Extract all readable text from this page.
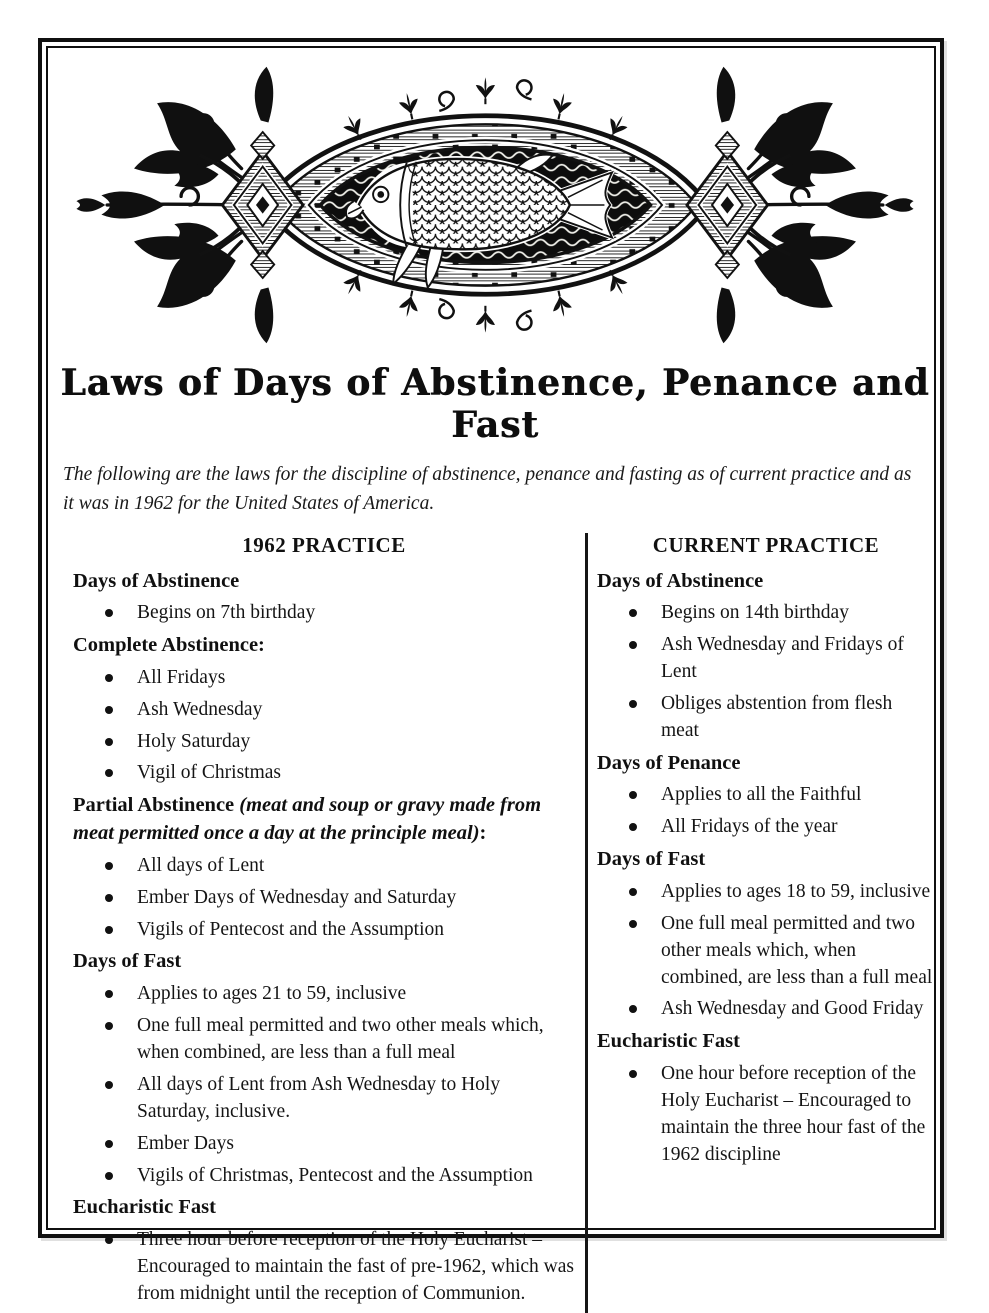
Laws of Days of Abstinence, Penance and Fast
The following are the laws for the discipline of abstinence, penance and fasting as of current practice and as it was in 1962 for the United States of America.
1962 PRACTICE
Days of Abstinence
Begins on 7th birthday
Complete Abstinence:
All Fridays
Ash Wednesday
Holy Saturday
Vigil of Christmas
Partial Abstinence (meat and soup or gravy made from meat permitted once a day at the principle meal):
All days of Lent
Ember Days of Wednesday and Saturday
Vigils of Pentecost and the Assumption
Days of Fast
Applies to ages 21 to 59, inclusive
One full meal permitted and two other meals which, when combined, are less than a full meal
All days of Lent from Ash Wednesday to Holy Saturday, inclusive.
Ember Days
Vigils of Christmas, Pentecost and the Assumption
Eucharistic Fast
Three hour before reception of the Holy Eucharist – Encouraged to maintain the fast of pre-1962, which was from midnight until the reception of Communion.
CURRENT PRACTICE
Days of Abstinence
Begins on 14th birthday
Ash Wednesday and Fridays of Lent
Obliges abstention from flesh meat
Days of Penance
Applies to all the Faithful
All Fridays of the year
Days of Fast
Applies to ages 18 to 59, inclusive
One full meal permitted and two other meals which, when combined, are less than a full meal
Ash Wednesday and Good Friday
Eucharistic Fast
One hour before reception of the Holy Eucharist – Encouraged to maintain the three hour fast of the 1962 discipline
